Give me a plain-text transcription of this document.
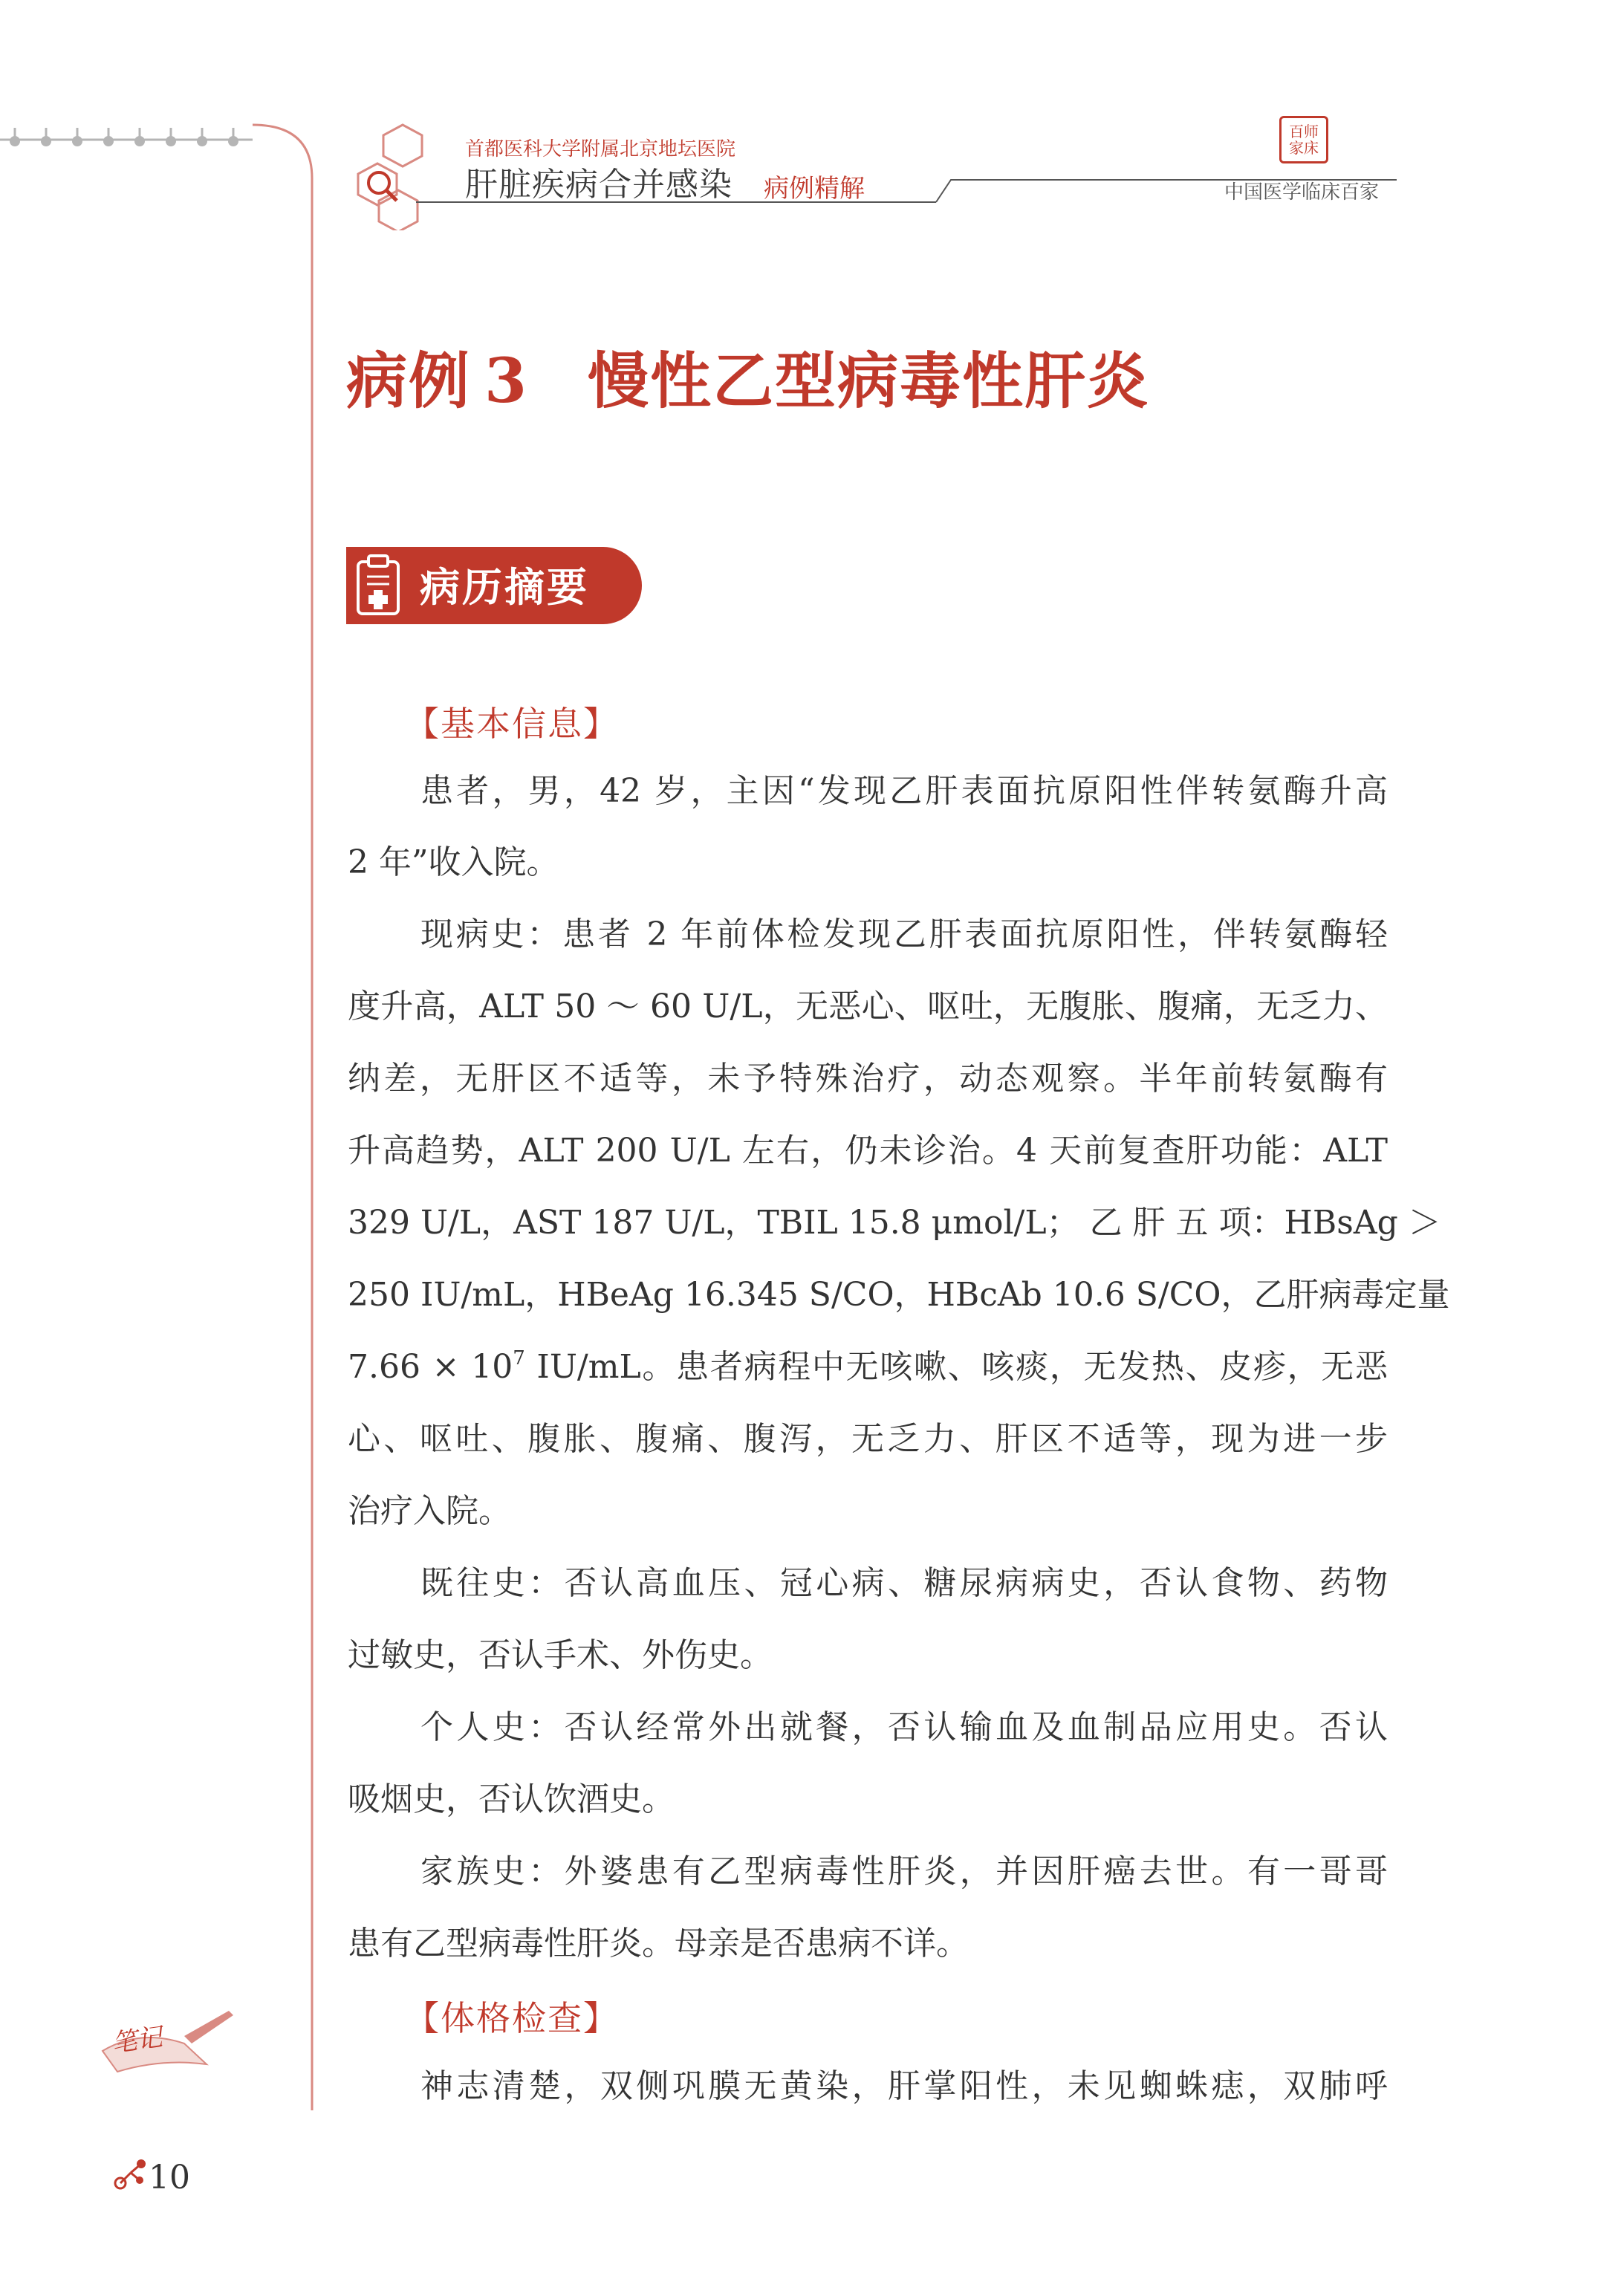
首都医科大学附属北京地坛医院
肝脏疾病合并感染 病例精解
百师家床
中国医学临床百家
病例 3 慢性乙型病毒性肝炎
病历摘要
【基本信息】
患者，男，42 岁，主因“发现乙肝表面抗原阳性伴转氨酶升高
2 年”收入院。
现病史：患者 2 年前体检发现乙肝表面抗原阳性，伴转氨酶轻
度升高，ALT 50 ～ 60 U/L，无恶心、呕吐，无腹胀、腹痛，无乏力、
纳差，无肝区不适等，未予特殊治疗，动态观察。半年前转氨酶有
升高趋势，ALT 200 U/L 左右，仍未诊治。4 天前复查肝功能：ALT
329 U/L，AST 187 U/L，TBIL 15.8 μmol/L； 乙 肝 五 项：HBsAg ＞
250 IU/mL，HBeAg 16.345 S/CO，HBcAb 10.6 S/CO，乙肝病毒定量
$7.66 \times 10^7$ IU/mL。患者病程中无咳嗽、咳痰，无发热、皮疹，无恶
心、呕吐、腹胀、腹痛、腹泻，无乏力、肝区不适等，现为进一步
治疗入院。
既往史：否认高血压、冠心病、糖尿病病史，否认食物、药物
过敏史，否认手术、外伤史。
个人史：否认经常外出就餐，否认输血及血制品应用史。否认
吸烟史，否认饮酒史。
家族史：外婆患有乙型病毒性肝炎，并因肝癌去世。有一哥哥
患有乙型病毒性肝炎。母亲是否患病不详。
【体格检查】
神志清楚，双侧巩膜无黄染，肝掌阳性，未见蜘蛛痣，双肺呼
笔记
10
